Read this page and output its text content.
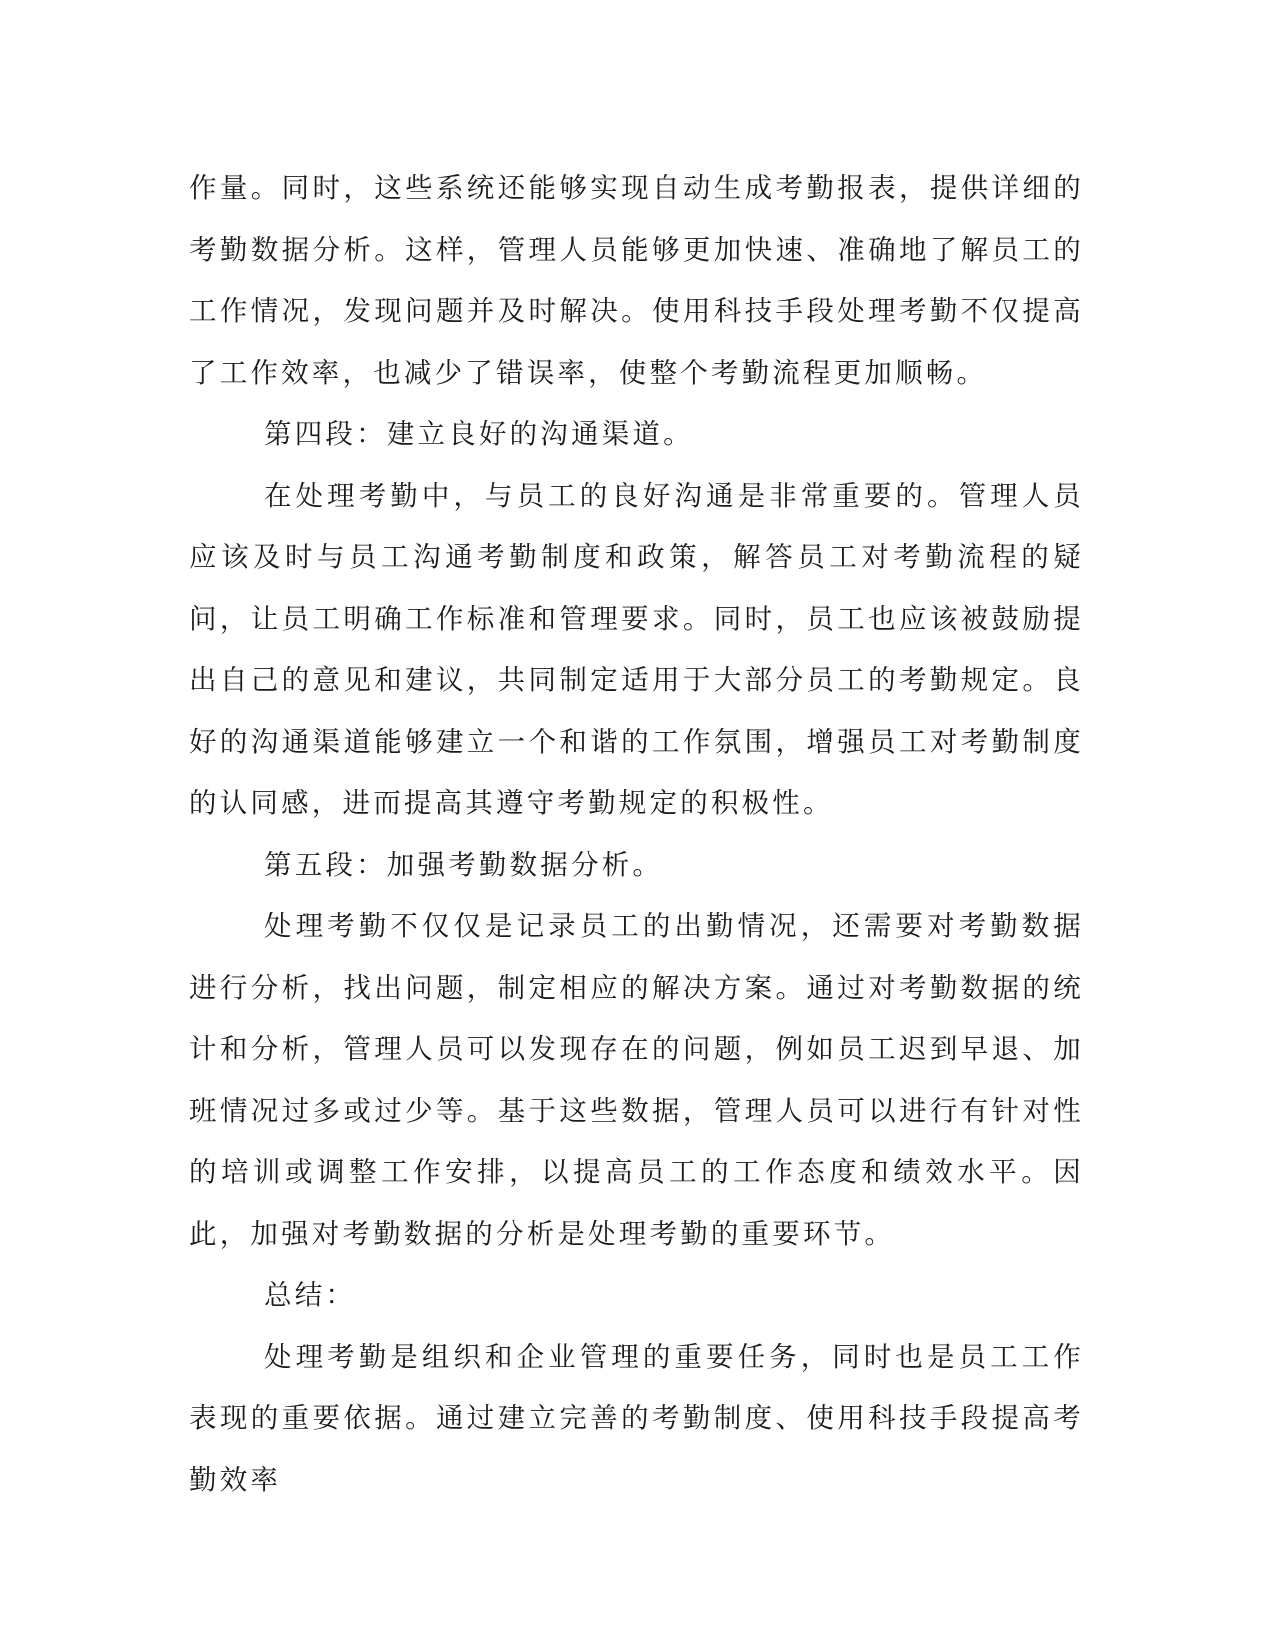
作量。同时，这些系统还能够实现自动生成考勤报表，提供详细的考勤数据分析。这样，管理人员能够更加快速、准确地了解员工的工作情况，发现问题并及时解决。使用科技手段处理考勤不仅提高了工作效率，也减少了错误率，使整个考勤流程更加顺畅。

第四段：建立良好的沟通渠道。

在处理考勤中，与员工的良好沟通是非常重要的。管理人员应该及时与员工沟通考勤制度和政策，解答员工对考勤流程的疑问，让员工明确工作标准和管理要求。同时，员工也应该被鼓励提出自己的意见和建议，共同制定适用于大部分员工的考勤规定。良好的沟通渠道能够建立一个和谐的工作氛围，增强员工对考勤制度的认同感，进而提高其遵守考勤规定的积极性。

第五段：加强考勤数据分析。

处理考勤不仅仅是记录员工的出勤情况，还需要对考勤数据进行分析，找出问题，制定相应的解决方案。通过对考勤数据的统计和分析，管理人员可以发现存在的问题，例如员工迟到早退、加班情况过多或过少等。基于这些数据，管理人员可以进行有针对性的培训或调整工作安排，以提高员工的工作态度和绩效水平。因此，加强对考勤数据的分析是处理考勤的重要环节。

总结：

处理考勤是组织和企业管理的重要任务，同时也是员工工作表现的重要依据。通过建立完善的考勤制度、使用科技手段提高考勤效率
